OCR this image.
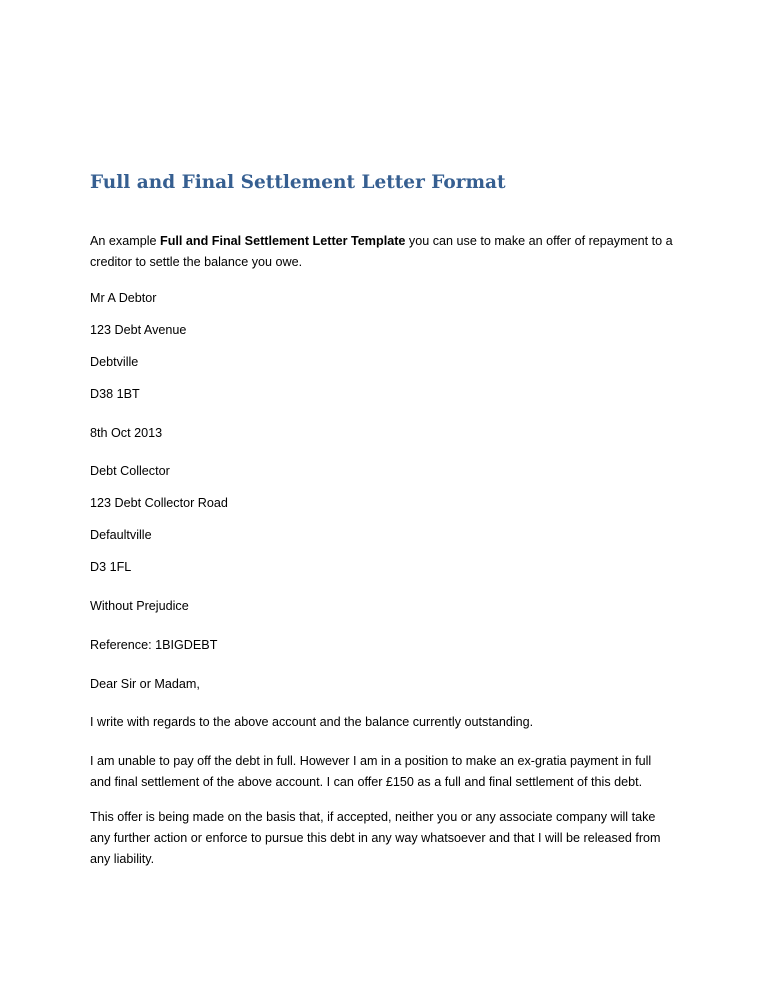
Full and Final Settlement Letter Format

An example Full and Final Settlement Letter Template you can use to make an offer of repayment to a
creditor to settle the balance you owe.

Mr A Debtor

123 Debt Avenue

Debtville

D38 1BT

8th Oct 2013

Debt Collector

123 Debt Collector Road

Defaultville

D3 1FL

Without Prejudice

Reference: 1BIGDEBT

Dear Sir or Madam,

I write with regards to the above account and the balance currently outstanding.

I am unable to pay off the debt in full. However I am in a position to make an ex-gratia payment in full
and final settlement of the above account. I can offer £150 as a full and final settlement of this debt.

This offer is being made on the basis that, if accepted, neither you or any associate company will take
any further action or enforce to pursue this debt in any way whatsoever and that I will be released from
any liability.
